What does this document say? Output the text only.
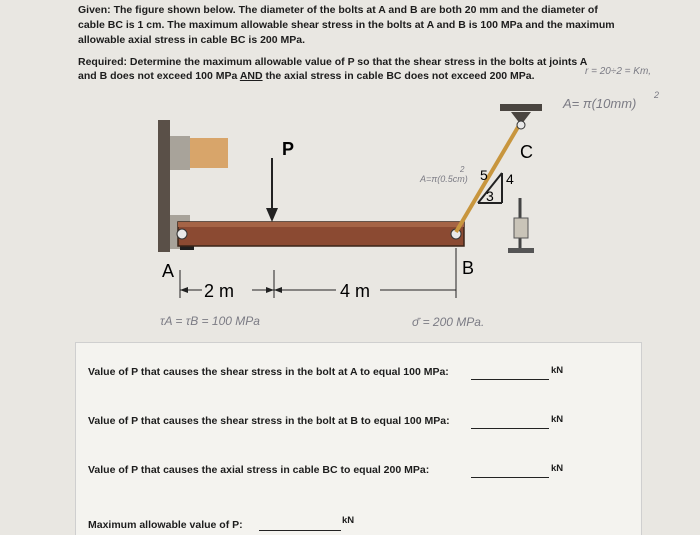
Given: The figure shown below. The diameter of the bolts at A and B are both 20 mm and the diameter of cable BC is 1 cm. The maximum allowable shear stress in the bolts at A and B is 100 MPa and the maximum allowable axial stress in cable BC is 200 MPa.
Required: Determine the maximum allowable value of P so that the shear stress in the bolts at joints A and B does not exceed 100 MPa AND the axial stress in cable BC does not exceed 200 MPa.	r = 20÷2 = Km,
A= π(10mm)
2
P
5 4
3
A=π(0.5cm)
2
C
A	B
2 m	4 m
τA = τB = 100 MPa	σ̄ = 200 MPa.
Value of P that causes the shear stress in the bolt at A to equal 100 MPa:	kN
Value of P that causes the shear stress in the bolt at B to equal 100 MPa:	kN
Value of P that causes the axial stress in cable BC to equal 200 MPa:	kN
Maximum allowable value of P:	kN
